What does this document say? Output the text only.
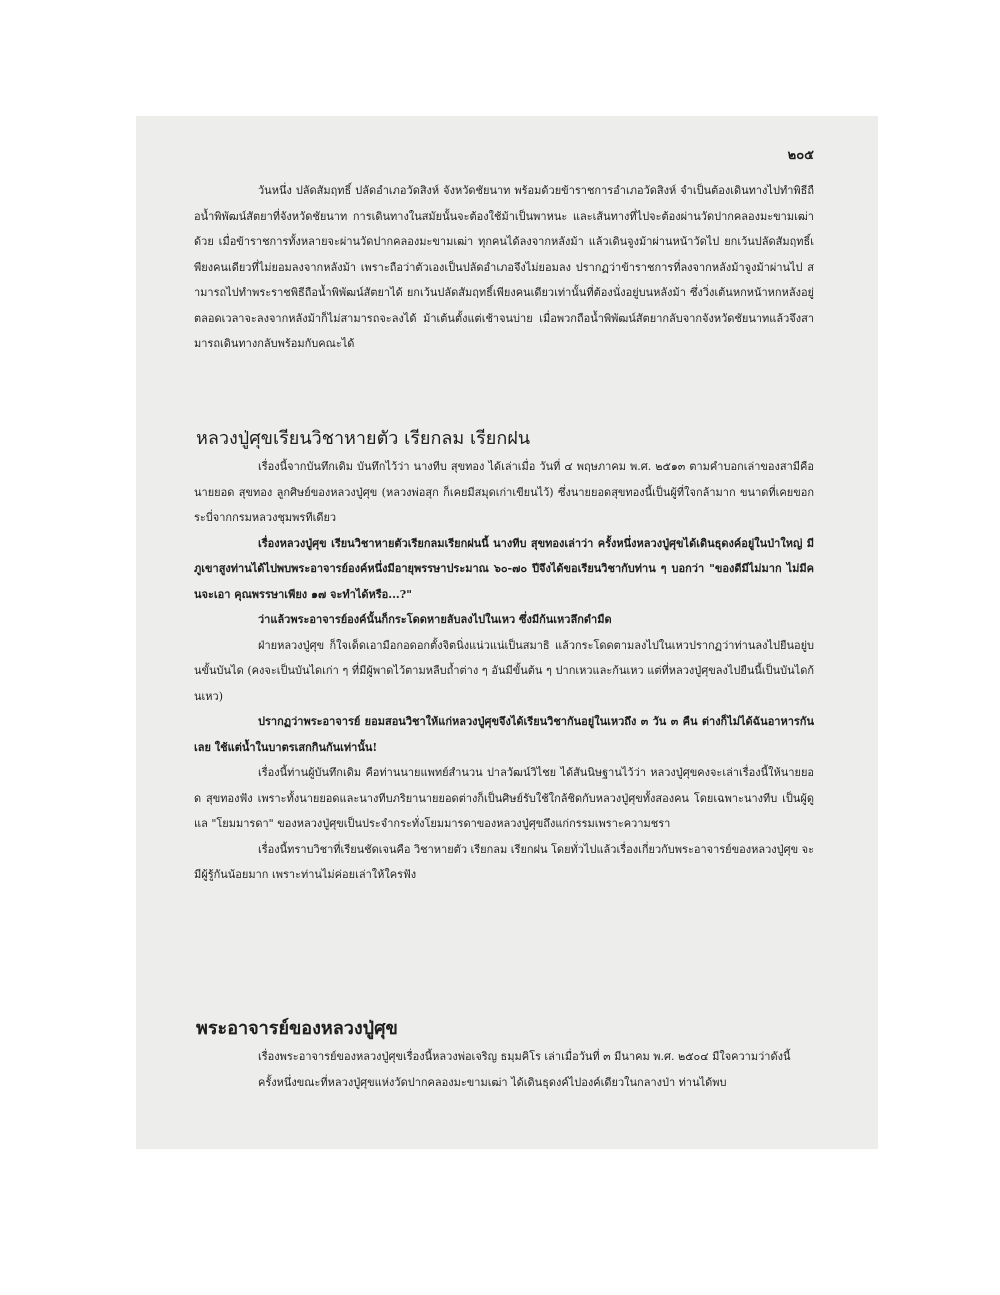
๒๐๕

วันหนึ่ง ปลัดสัมฤทธิ์ ปลัดอำเภอวัดสิงห์ จังหวัดชัยนาท พร้อมด้วยข้าราชการอำเภอวัดสิงห์ จำเป็นต้องเดินทางไปทำพิธีถือน้ำพิพัฒน์สัตยาที่จังหวัดชัยนาท การเดินทางในสมัยนั้นจะต้องใช้ม้าเป็นพาหนะ และเส้นทางที่ไปจะต้องผ่านวัดปากคลองมะขามเฒ่าด้วย เมื่อข้าราชการทั้งหลายจะผ่านวัดปากคลองมะขามเฒ่า ทุกคนได้ลงจากหลังม้า แล้วเดินจูงม้าผ่านหน้าวัดไป ยกเว้นปลัดสัมฤทธิ์เพียงคนเดียวที่ไม่ยอมลงจากหลังม้า เพราะถือว่าตัวเองเป็นปลัดอำเภอจึงไม่ยอมลง ปรากฏว่าข้าราชการที่ลงจากหลังม้าจูงม้าผ่านไป สามารถไปทำพระราชพิธีถือน้ำพิพัฒน์สัตยาได้ ยกเว้นปลัดสัมฤทธิ์เพียงคนเดียวเท่านั้นที่ต้องนั่งอยู่บนหลังม้า ซึ่งวิ่งเต้นหกหน้าหกหลังอยู่ตลอดเวลาจะลงจากหลังม้าก็ไม่สามารถจะลงได้ ม้าเต้นตั้งแต่เช้าจนบ่าย เมื่อพวกถือน้ำพิพัฒน์สัตยากลับจากจังหวัดชัยนาทแล้วจึงสามารถเดินทางกลับพร้อมกับคณะได้

หลวงปู่ศุขเรียนวิชาหายตัว เรียกลม เรียกฝน

เรื่องนี้จากบันทึกเดิม บันทึกไว้ว่า นางทีบ สุขทอง ได้เล่าเมื่อ วันที่ ๔ พฤษภาคม พ.ศ. ๒๕๑๓ ตามคำบอกเล่าของสามีคือ นายยอด สุขทอง ลูกศิษย์ของหลวงปู่ศุข (หลวงพ่อสุก ก็เคยมีสมุดเก่าเขียนไว้) ซึ่งนายยอดสุขทองนี้เป็นผู้ที่ใจกล้ามาก ขนาดที่เคยขอกระบี่จากกรมหลวงชุมพรทีเดียว

เรื่องหลวงปู่ศุข เรียนวิชาหายตัวเรียกลมเรียกฝนนี้ นางทีบ สุขทองเล่าว่า ครั้งหนึ่งหลวงปู่ศุขได้เดินธุดงค์อยู่ในป่าใหญ่ มีภูเขาสูงท่านได้ไปพบพระอาจารย์องค์หนึ่งมีอายุพรรษาประมาณ ๖๐-๗๐ ปีจึงได้ขอเรียนวิชากับท่าน ๆ บอกว่า "ของดีมีไม่มาก ไม่มีคนจะเอา คุณพรรษาเพียง ๑๗ จะทำได้หรือ...?"

ว่าแล้วพระอาจารย์องค์นั้นก็กระโดดหายลับลงไปในเหว ซึ่งมีก้นเหวลึกดำมืด

ฝ่ายหลวงปู่ศุข ก็ใจเด็ดเอามือกอดอกตั้งจิตนิ่งแน่วแน่เป็นสมาธิ แล้วกระโดดตามลงไปในเหวปรากฏว่าท่านลงไปยืนอยู่บนขั้นบันได (คงจะเป็นบันไดเก่า ๆ ที่มีผู้พาดไว้ตามหลืบถ้ำต่าง ๆ อันมีขั้นต้น ๆ ปากเหวและก้นเหว แต่ที่หลวงปู่ศุขลงไปยืนนี้เป็นบันไดก้นเหว)

ปรากฏว่าพระอาจารย์ ยอมสอนวิชาให้แก่หลวงปู่ศุขจึงได้เรียนวิชากันอยู่ในเหวถึง ๓ วัน ๓ คืน ต่างก็ไม่ได้ฉันอาหารกันเลย ใช้แต่น้ำในบาตรเสกกินกันเท่านั้น!

เรื่องนี้ท่านผู้บันทึกเดิม คือท่านนายแพทย์สำนวน ปาลวัฒน์วิไชย ได้สันนิษฐานไว้ว่า หลวงปู่ศุขคงจะเล่าเรื่องนี้ให้นายยอด สุขทองฟัง เพราะทั้งนายยอดและนางทีบภริยานายยอดต่างก็เป็นศิษย์รับใช้ใกล้ชิดกับหลวงปู่ศุขทั้งสองคน โดยเฉพาะนางทีบ เป็นผู้ดูแล "โยมมารดา" ของหลวงปู่ศุขเป็นประจำกระทั่งโยมมารดาของหลวงปู่ศุขถึงแก่กรรมเพราะความชรา

เรื่องนี้ทราบวิชาที่เรียนชัดเจนคือ วิชาหายตัว เรียกลม เรียกฝน โดยทั่วไปแล้วเรื่องเกี่ยวกับพระอาจารย์ของหลวงปู่ศุข จะมีผู้รู้กันน้อยมาก เพราะท่านไม่ค่อยเล่าให้ใครฟัง

พระอาจารย์ของหลวงปู่ศุข

เรื่องพระอาจารย์ของหลวงปู่ศุขเรื่องนี้หลวงพ่อเจริญ ธมฺมคิโร เล่าเมื่อวันที่ ๓ มีนาคม พ.ศ. ๒๕๐๔ มีใจความว่าดังนี้

ครั้งหนึ่งขณะที่หลวงปู่ศุขแห่งวัดปากคลองมะขามเฒ่า ได้เดินธุดงค์ไปองค์เดียวในกลางป่า ท่านได้พบ
